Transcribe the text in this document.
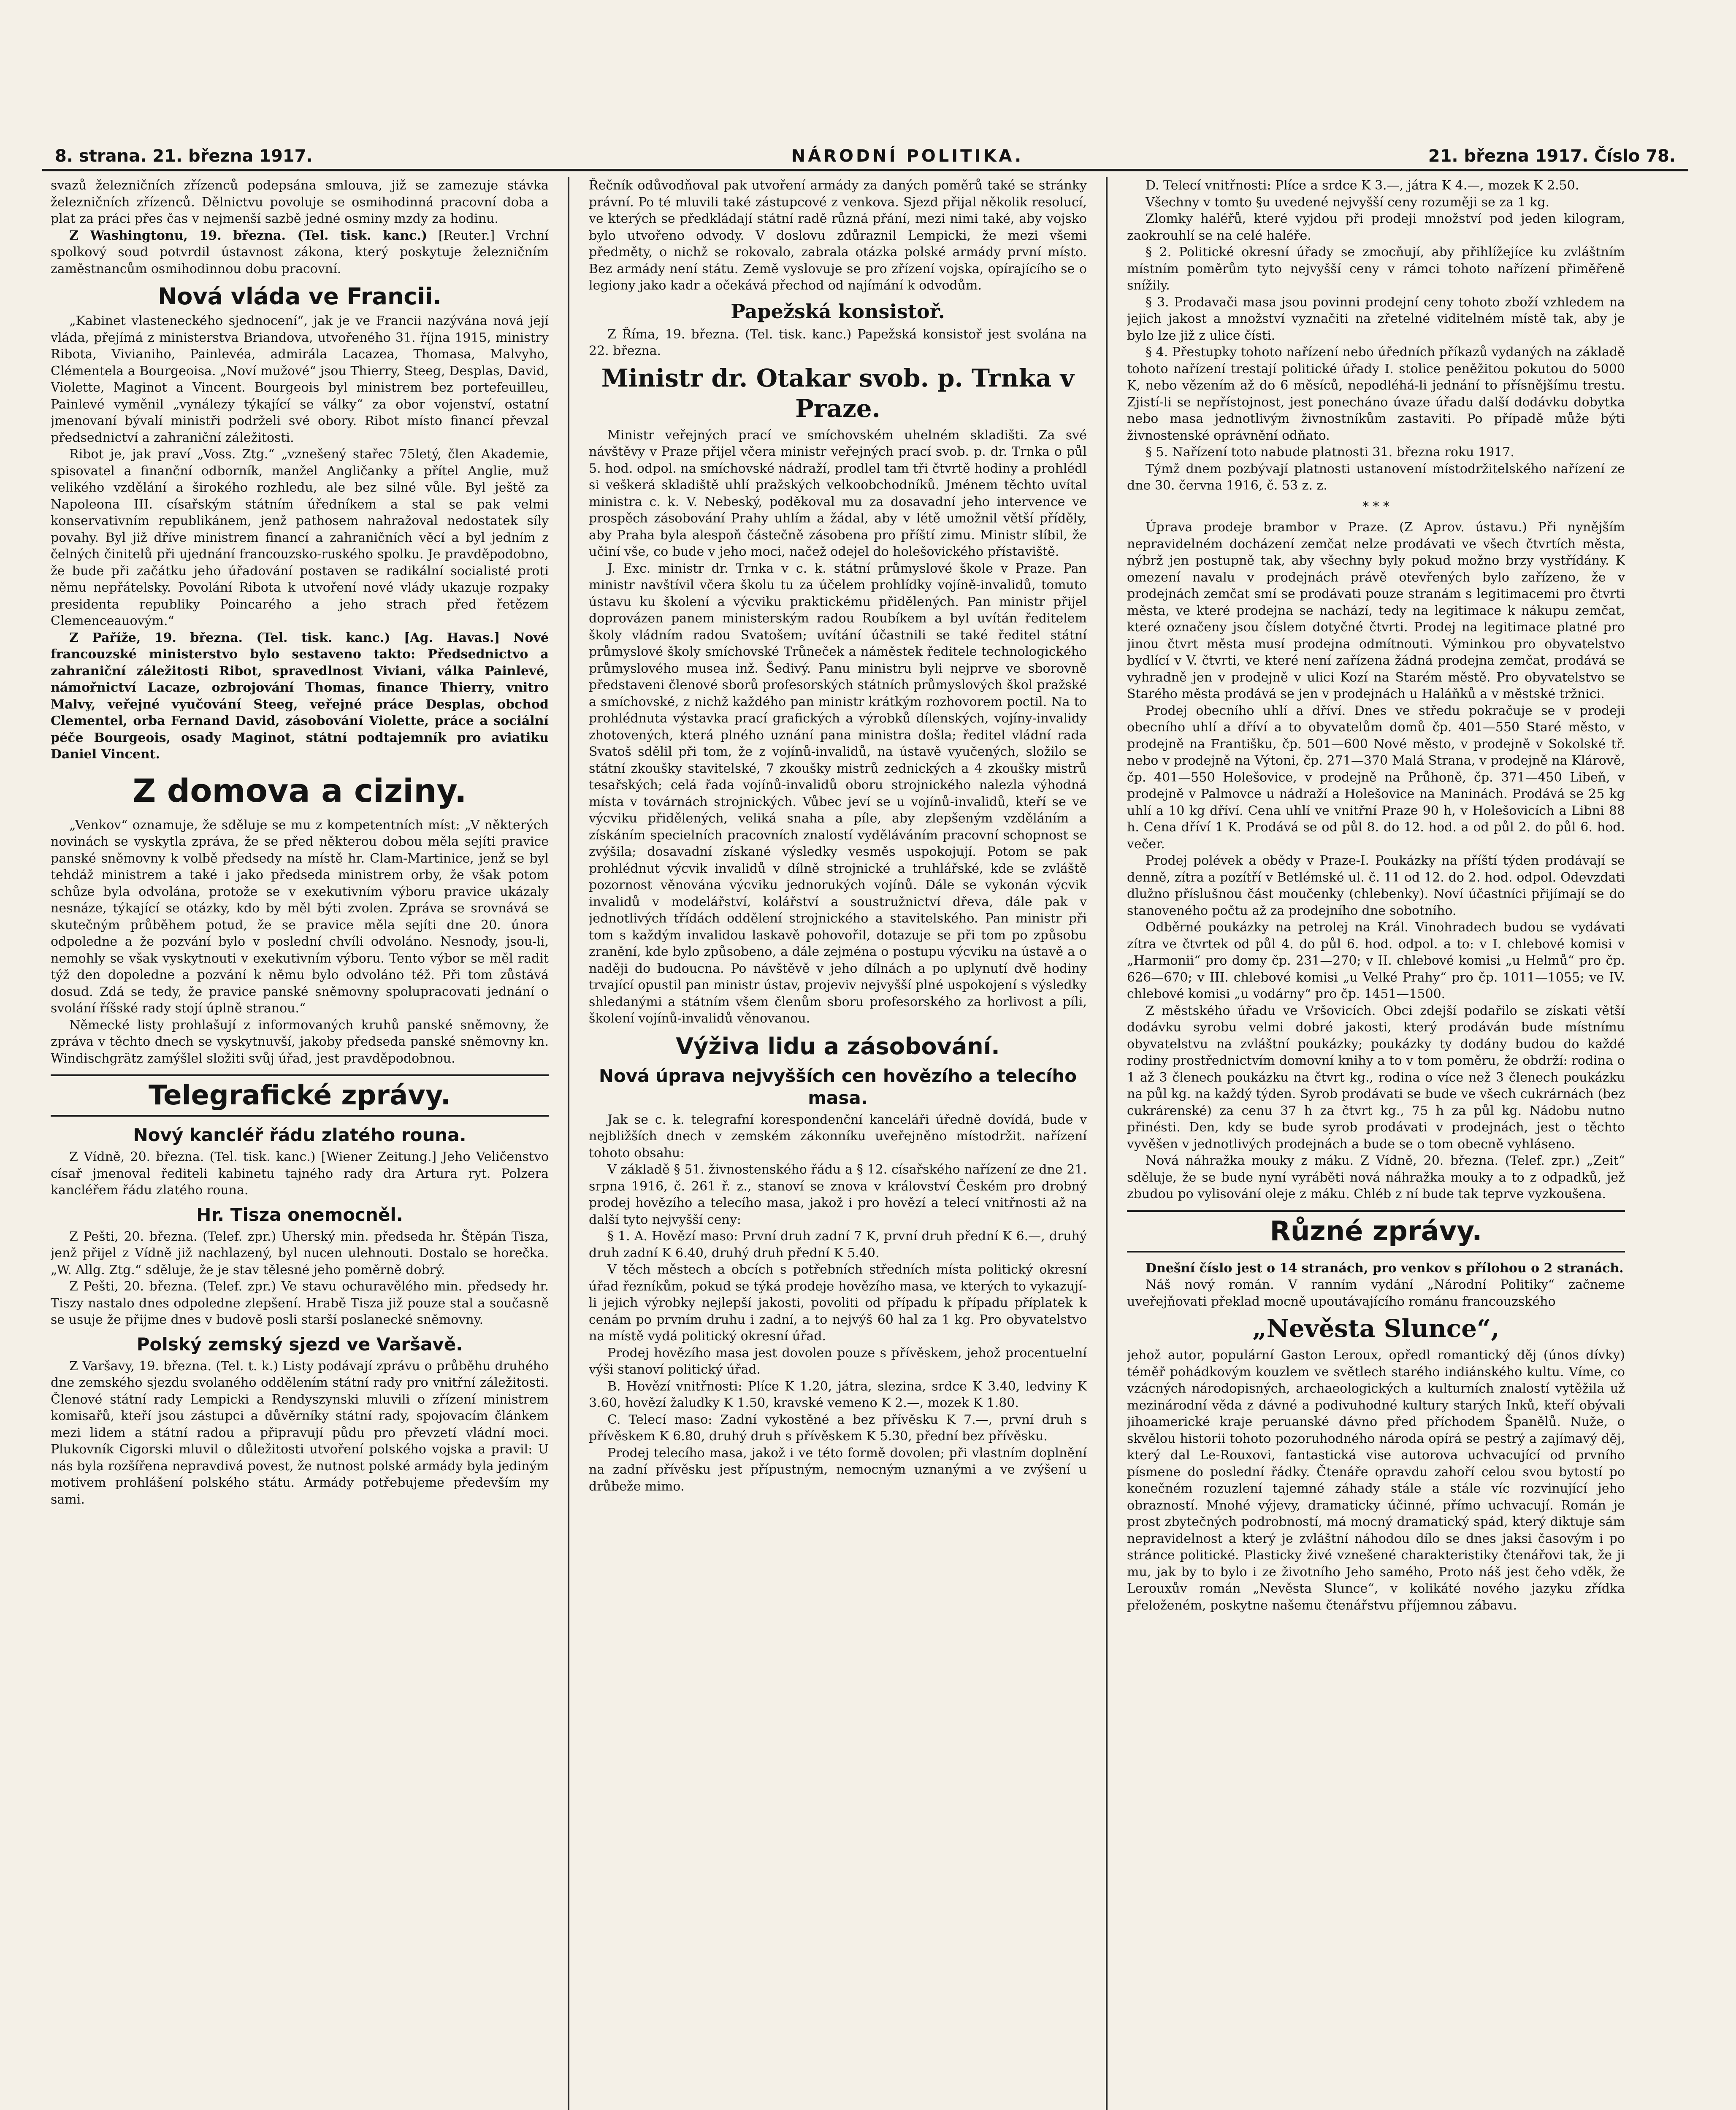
8. strana. 21. března 1917.	NÁRODNÍ POLITIKA.	21. března 1917. Číslo 78.

svazů železničních zřízenců podepsána smlouva, již se zamezuje stávka železničních zřízenců. Dělnictvu povoluje se osmihodinná pracovní doba a plat za práci přes čas v nejmenší sazbě jedné osminy mzdy za hodinu.

Z Washingtonu, 19. března. (Tel. tisk. kanc.) [Reuter.] Vrchní spolkový soud potvrdil ústavnost zákona, který poskytuje železničním zaměstnancům osmihodinnou dobu pracovní.

Nová vláda ve Francii.

„Kabinet vlasteneckého sjednocení“, jak je ve Francii nazývána nová její vláda, přejímá z ministerstva Briandova, utvořeného 31. října 1915, ministry Ribota, Vivianiho, Painlevéa, admirála Lacazea, Thomasa, Malvyho, Clémentela a Bourgeoisa. „Noví mužové“ jsou Thierry, Steeg, Desplas, David, Violette, Maginot a Vincent. Bourgeois byl ministrem bez portefeuilleu, Painlevé vyměnil „vynálezy týkající se války“ za obor vojenství, ostatní jmenovaní bývalí ministři podrželi své obory. Ribot místo financí převzal předsednictví a zahraniční záležitosti.

Ribot je, jak praví „Voss. Ztg.“ „vznešený stařec 75letý, člen Akademie, spisovatel a finanční odborník, manžel Angličanky a přítel Anglie, muž velikého vzdělání a širokého rozhledu, ale bez silné vůle. Byl ještě za Napoleona III. císařským státním úředníkem a stal se pak velmi konservativním republikánem, jenž pathosem nahražoval nedostatek síly povahy. Byl již dříve ministrem financí a zahraničních věcí a byl jedním z čelných činitelů při ujednání francouzsko-ruského spolku. Je pravděpodobno, že bude při začátku jeho úřadování postaven se radikální socialisté proti němu nepřátelsky. Povolání Ribota k utvoření nové vlády ukazuje rozpaky presidenta republiky Poincarého a jeho strach před řetězem Clemenceauovým.“

Z Paříže, 19. března. (Tel. tisk. kanc.) [Ag. Havas.] Nové francouzské ministerstvo bylo sestaveno takto: Předsednictvo a zahraniční záležitosti Ribot, spravedlnost Viviani, válka Painlevé, námořnictví Lacaze, ozbrojování Thomas, finance Thierry, vnitro Malvy, veřejné vyučování Steeg, veřejné práce Desplas, obchod Clementel, orba Fernand David, zásobování Violette, práce a sociální péče Bourgeois, osady Maginot, státní podtajemník pro aviatiku Daniel Vincent.

Z domova a ciziny.

„Venkov“ oznamuje, že sděluje se mu z kompetentních míst: „V některých novinách se vyskytla zpráva, že se před některou dobou měla sejíti pravice panské sněmovny k volbě předsedy na místě hr. Clam-Martinice, jenž se byl tehdáž ministrem a také i jako předseda ministrem orby, že však potom schůze byla odvolána, protože se v exekutivním výboru pravice ukázaly nesnáze, týkající se otázky, kdo by měl býti zvolen. Zpráva se srovnává se skutečným průběhem potud, že se pravice měla sejíti dne 20. února odpoledne a že pozvání bylo v poslední chvíli odvoláno. Nesnody, jsou-li, nemohly se však vyskytnouti v exekutivním výboru. Tento výbor se měl radit týž den dopoledne a pozvání k němu bylo odvoláno též. Při tom zůstává dosud. Zdá se tedy, že pravice panské sněmovny spolupracovati jednání o svolání říšské rady stojí úplně stranou.“

Německé listy prohlašují z informovaných kruhů panské sněmovny, že zpráva v těchto dnech se vyskytnuvší, jakoby předseda panské sněmovny kn. Windischgrätz zamýšlel složiti svůj úřad, jest pravděpodobnou.

Telegrafické zprávy.
Nový kancléř řádu zlatého rouna.

Z Vídně, 20. března. (Tel. tisk. kanc.) [Wiener Zeitung.] Jeho Veličenstvo císař jmenoval řediteli kabinetu tajného rady dra Artura ryt. Polzera kancléřem řádu zlatého rouna.

Hr. Tisza onemocněl.

Z Pešti, 20. března. (Telef. zpr.) Uherský min. předseda hr. Štěpán Tisza, jenž přijel z Vídně již nachlazený, byl nucen ulehnouti. Dostalo se horečka. „W. Allg. Ztg.“ sděluje, že je stav tělesné jeho poměrně dobrý.

Z Pešti, 20. března. (Telef. zpr.) Ve stavu ochuravělého min. předsedy hr. Tiszy nastalo dnes odpoledne zlepšení. Hrabě Tisza již pouze stal a současně se usuje že přijme dnes v budově posli starší poslanecké sněmovny.

Polský zemský sjezd ve Varšavě.

Z Varšavy, 19. března. (Tel. t. k.) Listy podávají zprávu o průběhu druhého dne zemského sjezdu svolaného oddělením státní rady pro vnitřní záležitosti. Členové státní rady Lempicki a Rendyszynski mluvili o zřízení ministrem komisařů, kteří jsou zástupci a důvěrníky státní rady, spojovacím článkem mezi lidem a státní radou a připravují půdu pro převzetí vládní moci. Plukovník Cigorski mluvil o důležitosti utvoření polského vojska a pravil: U nás byla rozšířena nepravdivá povest, že nutnost polské armády byla jediným motivem prohlášení polského státu. Armády potřebujeme především my sami.

Řečník odůvodňoval pak utvoření armády za daných poměrů také se stránky právní. Po té mluvili také zástupcové z venkova. Sjezd přijal několik resolucí, ve kterých se předkládají státní radě různá přání, mezi nimi také, aby vojsko bylo utvořeno odvody. V doslovu zdůraznil Lempicki, že mezi všemi předměty, o nichž se rokovalo, zabrala otázka polské armády první místo. Bez armády není státu. Země vyslovuje se pro zřízení vojska, opírajícího se o legiony jako kadr a očekává přechod od najímání k odvodům.

Papežská konsistoř.

Z Říma, 19. března. (Tel. tisk. kanc.) Papežská konsistoř jest svolána na 22. března.

Ministr dr. Otakar svob. p. Trnka v Praze.

Ministr veřejných prací ve smíchovském uhelném skladišti. Za své návštěvy v Praze přijel včera ministr veřejných prací svob. p. dr. Trnka o půl 5. hod. odpol. na smíchovské nádraží, prodlel tam tři čtvrtě hodiny a prohlédl si veškerá skladiště uhlí pražských velkoobchodníků. Jménem těchto uvítal ministra c. k. V. Nebeský, poděkoval mu za dosavadní jeho intervence ve prospěch zásobování Prahy uhlím a žádal, aby v létě umožnil větší příděly, aby Praha byla alespoň částečně zásobena pro příští zimu. Ministr slíbil, že učiní vše, co bude v jeho moci, načež odejel do holešovického přístaviště.

J. Exc. ministr dr. Trnka v c. k. státní průmyslové škole v Praze. Pan ministr navštívil včera školu tu za účelem prohlídky vojíně-invalidů, tomuto ústavu ku školení a výcviku praktickému přidělených. Pan ministr přijel doprovázen panem ministerským radou Roubíkem a byl uvítán ředitelem školy vládním radou Svatošem; uvítání účastnili se také ředitel státní průmyslové školy smíchovské Trůneček a náměstek ředitele technologického průmyslového musea inž. Šedivý. Panu ministru byli nejprve ve sborovně představeni členové sborů profesorských státních průmyslových škol pražské a smíchovské, z nichž každého pan ministr krátkým rozhovorem poctil. Na to prohlédnuta výstavka prací grafických a výrobků dílenských, vojíny-invalidy zhotovených, která plného uznání pana ministra došla; ředitel vládní rada Svatoš sdělil při tom, že z vojínů-invalidů, na ústavě vyučených, složilo se státní zkoušky stavitelské, 7 zkoušky mistrů zednických a 4 zkoušky mistrů tesařských; celá řada vojínů-invalidů oboru strojnického nalezla výhodná místa v továrnách strojnických. Vůbec jeví se u vojínů-invalidů, kteří se ve výcviku přidělených, veliká snaha a píle, aby zlepšeným vzděláním a získáním specielních pracovních znalostí vyděláváním pracovní schopnost se zvýšila; dosavadní získané výsledky vesměs uspokojují. Potom se pak prohlédnut výcvik invalidů v dílně strojnické a truhlářské, kde se zvláště pozornost věnována výcviku jednorukých vojínů. Dále se vykonán výcvik invalidů v modelářství, kolářství a soustružnictví dřeva, dále pak v jednotlivých třídách oddělení strojnického a stavitelského. Pan ministr při tom s každým invalidou laskavě pohovořil, dotazuje se při tom po způsobu zranění, kde bylo způsobeno, a dále zejména o postupu výcviku na ústavě a o naději do budoucna. Po návštěvě v jeho dílnách a po uplynutí dvě hodiny trvající opustil pan ministr ústav, projeviv nejvyšší plné uspokojení s výsledky shledanými a státním všem členům sboru profesorského za horlivost a píli, školení vojínů-invalidů věnovanou.

Výživa lidu a zásobování.
Nová úprava nejvyšších cen hovězího a telecího masa.

Jak se c. k. telegrafní korespondenční kanceláři úředně dovídá, bude v nejbližších dnech v zemském zákonníku uveřejněno místodržit. nařízení tohoto obsahu:

V základě § 51. živnostenského řádu a § 12. císařského nařízení ze dne 21. srpna 1916, č. 261 ř. z., stanoví se znova v království Českém pro drobný prodej hovězího a telecího masa, jakož i pro hovězí a telecí vnitřnosti až na další tyto nejvyšší ceny:

§ 1. A. Hovězí maso: První druh zadní 7 K, první druh přední K 6.—, druhý druh zadní K 6.40, druhý druh přední K 5.40.

V těch městech a obcích s potřebních středních místa politický okresní úřad řezníkům, pokud se týká prodeje hovězího masa, ve kterých to vykazují-li jejich výrobky nejlepší jakosti, povoliti od případu k případu příplatek k cenám po prvním druhu i zadní, a to nejvýš 60 hal za 1 kg. Pro obyvatelstvo na místě vydá politický okresní úřad.

Prodej hovězího masa jest dovolen pouze s přívěskem, jehož procentuelní výši stanoví politický úřad.

B. Hovězí vnitřnosti: Plíce K 1.20, játra, slezina, srdce K 3.40, ledviny K 3.60, hovězí žaludky K 1.50, kravské vemeno K 2.—, mozek K 1.80.

C. Telecí maso: Zadní vykostěné a bez přívěsku K 7.—, první druh s přívěskem K 6.80, druhý druh s přívěskem K 5.30, přední bez přívěsku.

Prodej telecího masa, jakož i ve této formě dovolen; při vlastním doplnění na zadní přívěsku jest přípustným, nemocným uznanými a ve zvýšení u drůbeže mimo.

D. Telecí vnitřnosti: Plíce a srdce K 3.—, játra K 4.—, mozek K 2.50.

Všechny v tomto §u uvedené nejvyšší ceny rozuměji se za 1 kg.

Zlomky haléřů, které vyjdou při prodeji množství pod jeden kilogram, zaokrouhlí se na celé haléře.

§ 2. Politické okresní úřady se zmocňují, aby přihlížejíce ku zvláštním místním poměrům tyto nejvyšší ceny v rámci tohoto nařízení přiměřeně snížily.

§ 3. Prodavači masa jsou povinni prodejní ceny tohoto zboží vzhledem na jejich jakost a množství vyznačiti na zřetelné viditelném místě tak, aby je bylo lze již z ulice čísti.

§ 4. Přestupky tohoto nařízení nebo úředních příkazů vydaných na základě tohoto nařízení trestají politické úřady I. stolice peněžitou pokutou do 5000 K, nebo vězením až do 6 měsíců, nepodléhá-li jednání to přísnějšímu trestu. Zjistí-li se nepřístojnost, jest ponecháno úvaze úřadu další dodávku dobytka nebo masa jednotlivým živnostníkům zastaviti. Po případě může býti živnostenské oprávnění odňato.

§ 5. Nařízení toto nabude platnosti 31. března roku 1917.

Týmž dnem pozbývají platnosti ustanovení místodržitelského nařízení ze dne 30. června 1916, č. 53 z. z.

* * *

Úprava prodeje brambor v Praze. (Z Aprov. ústavu.) Při nynějším nepravidelném docházení zemčat nelze prodávati ve všech čtvrtích města, nýbrž jen postupně tak, aby všechny byly pokud možno brzy vystřídány. K omezení navalu v prodejnách právě otevřených bylo zařízeno, že v prodejnách zemčat smí se prodávati pouze stranám s legitimacemi pro čtvrti města, ve které prodejna se nachází, tedy na legitimace k nákupu zemčat, které označeny jsou číslem dotyčné čtvrti. Prodej na legitimace platné pro jinou čtvrt města musí prodejna odmítnouti. Výminkou pro obyvatelstvo bydlící v V. čtvrti, ve které není zařízena žádná prodejna zemčat, prodává se vyhradně jen v prodejně v ulici Kozí na Starém městě. Pro obyvatelstvo se Starého města prodává se jen v prodejnách u Haláňků a v městské tržnici.

Prodej obecního uhlí a dříví. Dnes ve středu pokračuje se v prodeji obecního uhlí a dříví a to obyvatelům domů čp. 401—550 Staré město, v prodejně na Františku, čp. 501—600 Nové město, v prodejně v Sokolské tř. nebo v prodejně na Výtoni, čp. 271—370 Malá Strana, v prodejně na Klárově, čp. 401—550 Holešovice, v prodejně na Průhoně, čp. 371—450 Libeň, v prodejně v Palmovce u nádraží a Holešovice na Maninách. Prodává se 25 kg uhlí a 10 kg dříví. Cena uhlí ve vnitřní Praze 90 h, v Holešovicích a Libni 88 h. Cena dříví 1 K. Prodává se od půl 8. do 12. hod. a od půl 2. do půl 6. hod. večer.

Prodej polévek a obědy v Praze-I. Poukázky na příští týden prodávají se denně, zítra a pozítří v Betlémské ul. č. 11 od 12. do 2. hod. odpol. Odevzdati dlužno příslušnou část moučenky (chlebenky). Noví účastníci přijímají se do stanoveného počtu až za prodejního dne sobotního.

Odběrné poukázky na petrolej na Král. Vinohradech budou se vydávati zítra ve čtvrtek od půl 4. do půl 6. hod. odpol. a to: v I. chlebové komisi v „Harmonii“ pro domy čp. 231—270; v II. chlebové komisi „u Helmů“ pro čp. 626—670; v III. chlebové komisi „u Velké Prahy“ pro čp. 1011—1055; ve IV. chlebové komisi „u vodárny“ pro čp. 1451—1500.

Z městského úřadu ve Vršovicích. Obci zdejší podařilo se získati větší dodávku syrobu velmi dobré jakosti, který prodáván bude místnímu obyvatelstvu na zvláštní poukázky; poukázky ty dodány budou do každé rodiny prostřednictvím domovní knihy a to v tom poměru, že obdrží: rodina o 1 až 3 členech poukázku na čtvrt kg., rodina o více než 3 členech poukázku na půl kg. na každý týden. Syrob prodávati se bude ve všech cukrárnách (bez cukrárenské) za cenu 37 h za čtvrt kg., 75 h za půl kg. Nádobu nutno přinésti. Den, kdy se bude syrob prodávati v prodejnách, jest o těchto vyvěšen v jednotlivých prodejnách a bude se o tom obecně vyhláseno.

Nová náhražka mouky z máku. Z Vídně, 20. března. (Telef. zpr.) „Zeit“ sděluje, že se bude nyní vyráběti nová náhražka mouky a to z odpadků, jež zbudou po vylisování oleje z máku. Chléb z ní bude tak teprve vyzkoušena.

Různé zprávy.

Dnešní číslo jest o 14 stranách, pro venkov s přílohou o 2 stranách.

Náš nový román. V ranním vydání „Národní Politiky“ začneme uveřejňovati překlad mocně upoutávajícího románu francouzského

„Nevěsta Slunce“,

jehož autor, populární Gaston Leroux, opředl romantický děj (únos dívky) téměř pohádkovým kouzlem ve světlech starého indiánského kultu. Víme, co vzácných národopisných, archaeologických a kulturních znalostí vytěžila už mezinárodní věda z dávné a podivuhodné kultury starých Inků, kteří obývali jihoamerické kraje peruanské dávno před příchodem Španělů. Nuže, o skvělou historii tohoto pozoruhodného národa opírá se pestrý a zajímavý děj, který dal Le-Rouxovi, fantastická vise autorova uchvacující od prvního písmene do poslední řádky. Čtenáře opravdu zahoří celou svou bytostí po konečném rozuzlení tajemné záhady stále a stále víc rozvinující jeho obrazností. Mnohé výjevy, dramaticky účinné, přímo uchvacují. Román je prost zbytečných podrobností, má mocný dramatický spád, který diktuje sám nepravidelnost a který je zvláštní náhodou dílo se dnes jaksi časovým i po stránce politické. Plasticky živé vznešené charakteristiky čtenářovi tak, že ji mu, jak by to bylo i ze životního Jeho samého, Proto náš jest čeho vděk, že Lerouxův román „Nevěsta Slunce“, v kolikáté nového jazyku zřídka přeloženém, poskytne našemu čtenářstvu příjemnou zábavu.
